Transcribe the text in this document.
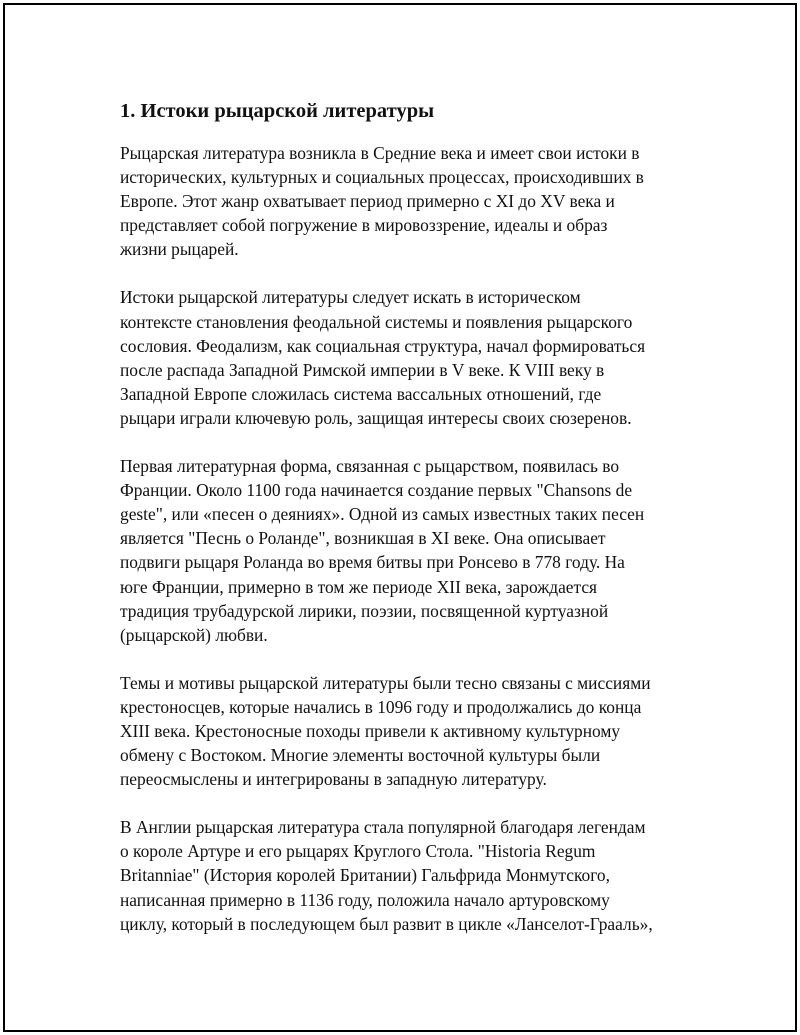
1. Истоки рыцарской литературы

Рыцарская литература возникла в Средние века и имеет свои истоки в
исторических, культурных и социальных процессах, происходивших в
Европе. Этот жанр охватывает период примерно с XI до XV века и
представляет собой погружение в мировоззрение, идеалы и образ
жизни рыцарей.

Истоки рыцарской литературы следует искать в историческом
контексте становления феодальной системы и появления рыцарского
сословия. Феодализм, как социальная структура, начал формироваться
после распада Западной Римской империи в V веке. К VIII веку в
Западной Европе сложилась система вассальных отношений, где
рыцари играли ключевую роль, защищая интересы своих сюзеренов.

Первая литературная форма, связанная с рыцарством, появилась во
Франции. Около 1100 года начинается создание первых "Chansons de
geste", или «песен о деяниях». Одной из самых известных таких песен
является "Песнь о Роланде", возникшая в XI веке. Она описывает
подвиги рыцаря Роланда во время битвы при Ронсево в 778 году. На
юге Франции, примерно в том же периоде XII века, зарождается
традиция трубадурской лирики, поэзии, посвященной куртуазной
(рыцарской) любви.

Темы и мотивы рыцарской литературы были тесно связаны с миссиями
крестоносцев, которые начались в 1096 году и продолжались до конца
XIII века. Крестоносные походы привели к активному культурному
обмену с Востоком. Многие элементы восточной культуры были
переосмыслены и интегрированы в западную литературу.

В Англии рыцарская литература стала популярной благодаря легендам
о короле Артуре и его рыцарях Круглого Стола. "Historia Regum
Britanniae" (История королей Британии) Гальфрида Монмутского,
написанная примерно в 1136 году, положила начало артуровскому
циклу, который в последующем был развит в цикле «Ланселот-Грааль»,
